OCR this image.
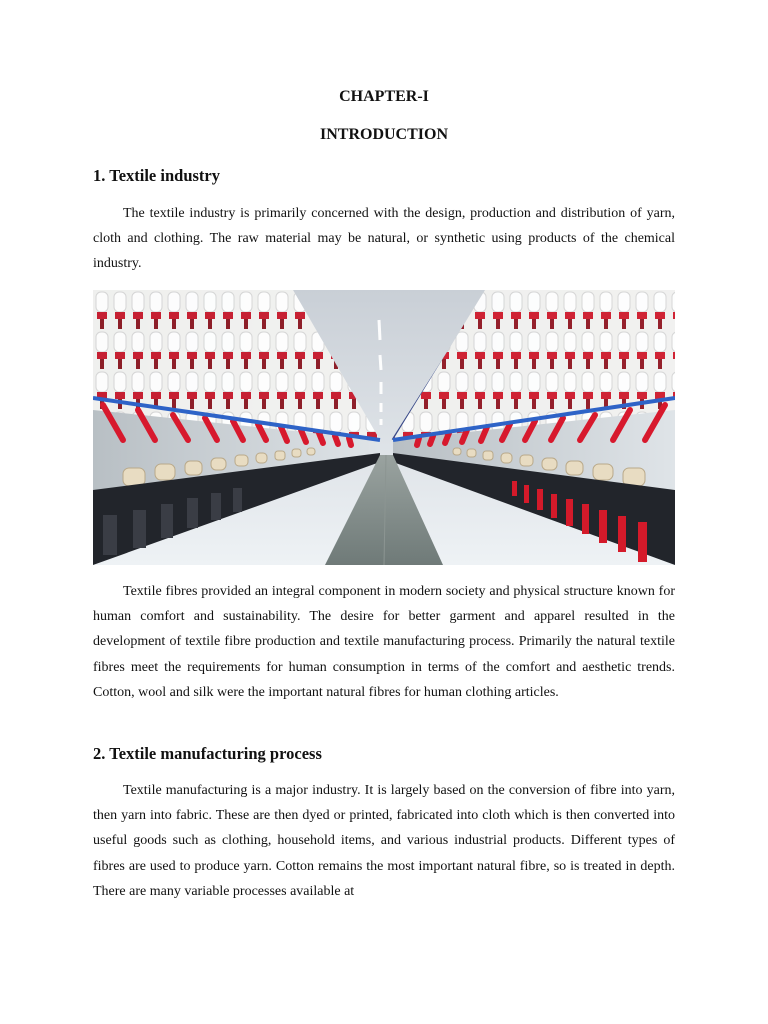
CHAPTER-I
INTRODUCTION
1. Textile industry

The textile industry is primarily concerned with the design, production and distribution of yarn, cloth and clothing. The raw material may be natural, or synthetic using products of the chemical industry.

Textile fibres provided an integral component in modern society and physical structure known for human comfort and sustainability. The desire for better garment and apparel resulted in the development of textile fibre production and textile manufacturing process. Primarily the natural textile fibres meet the requirements for human consumption in terms of the comfort and aesthetic trends. Cotton, wool and silk were the important natural fibres for human clothing articles.

2. Textile manufacturing process

Textile manufacturing is a major industry. It is largely based on the conversion of fibre into yarn, then yarn into fabric. These are then dyed or printed, fabricated into cloth which is then converted into useful goods such as clothing, household items, and various industrial products. Different types of fibres are used to produce yarn. Cotton remains the most important natural fibre, so is treated in depth. There are many variable processes available at
